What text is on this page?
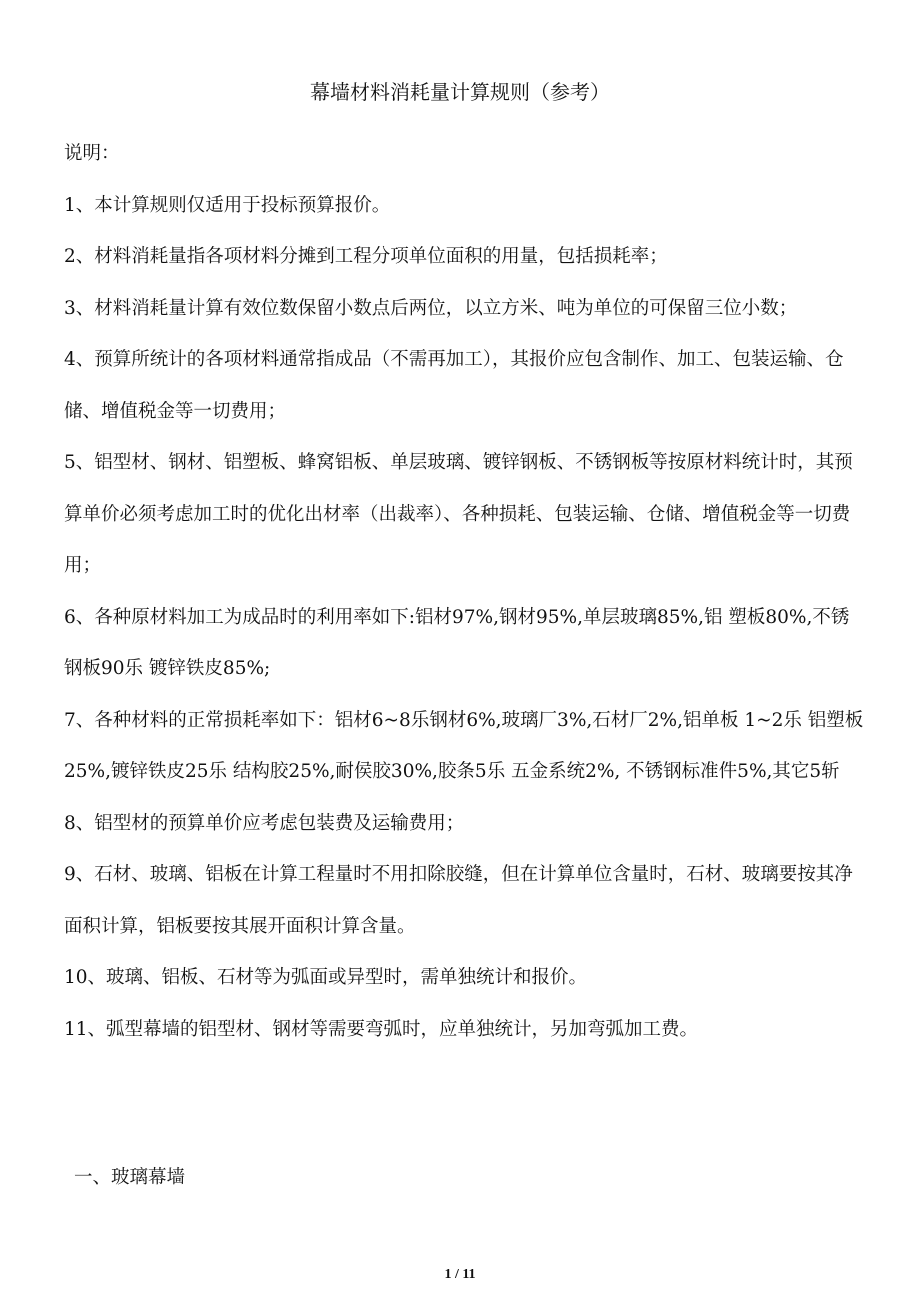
幕墙材料消耗量计算规则（参考）

说明：

1、本计算规则仅适用于投标预算报价。

2、材料消耗量指各项材料分摊到工程分项单位面积的用量，包括损耗率；

3、材料消耗量计算有效位数保留小数点后两位，以立方米、吨为单位的可保留三位小数；

4、预算所统计的各项材料通常指成品（不需再加工），其报价应包含制作、加工、包装运输、仓储、增值税金等一切费用；

5、铝型材、钢材、铝塑板、蜂窝铝板、单层玻璃、镀锌钢板、不锈钢板等按原材料统计时，其预算单价必须考虑加工时的优化出材率（出裁率）、各种损耗、包装运输、仓储、增值税金等一切费用；

6、各种原材料加工为成品时的利用率如下:铝材97%,钢材95%,单层玻璃85%,铝 塑板80%,不锈钢板90乐 镀锌铁皮85%;

7、各种材料的正常损耗率如下：铝材6~8乐钢材6%,玻璃厂3%,石材厂2%,铝单板 1~2乐 铝塑板25%,镀锌铁皮25乐 结构胶25%,耐侯胶30%,胶条5乐 五金系统2%, 不锈钢标准件5%,其它5斩

8、铝型材的预算单价应考虑包装费及运输费用；

9、石材、玻璃、铝板在计算工程量时不用扣除胶缝，但在计算单位含量时，石材、玻璃要按其净面积计算，铝板要按其展开面积计算含量。

10、玻璃、铝板、石材等为弧面或异型时，需单独统计和报价。

11、弧型幕墙的铝型材、钢材等需要弯弧时，应单独统计，另加弯弧加工费。

一、玻璃幕墙
1 / 11
